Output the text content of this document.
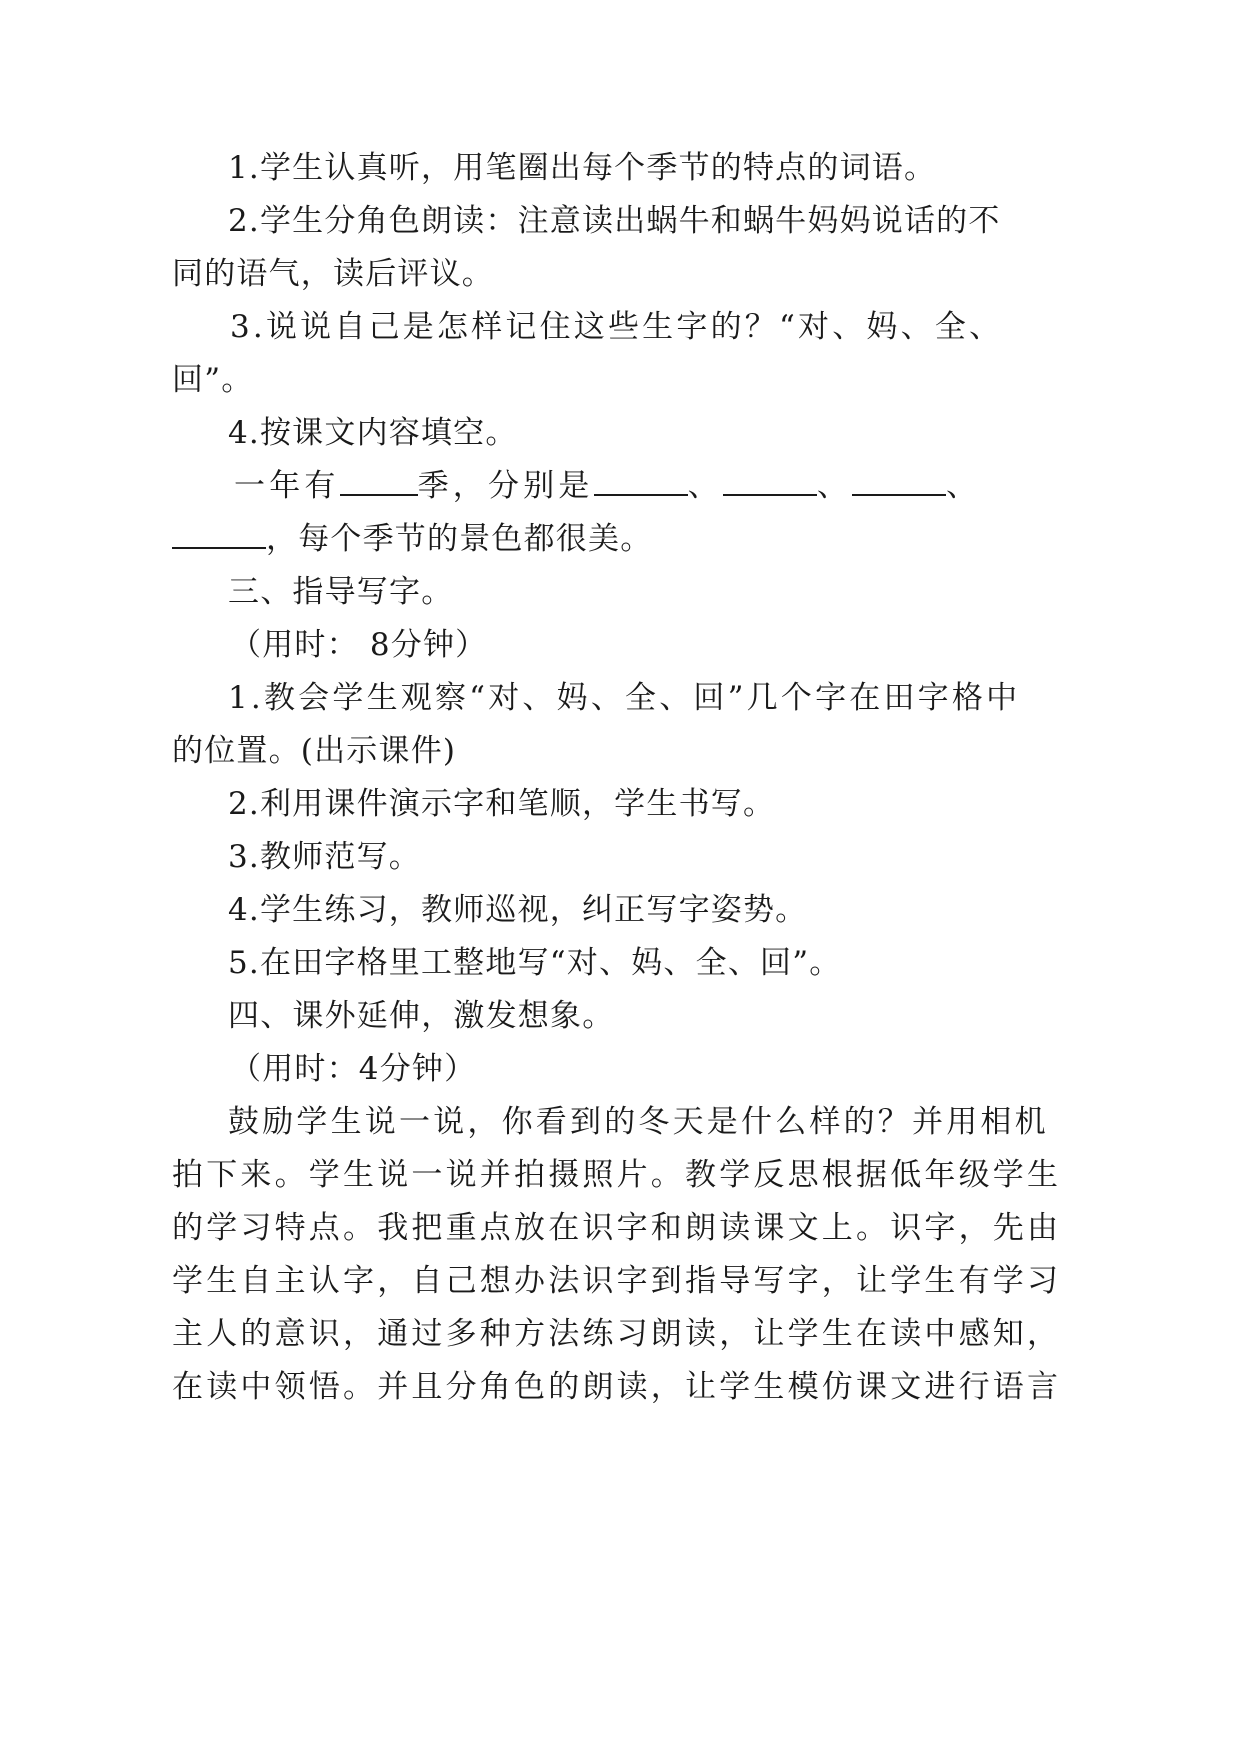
1.学生认真听，用笔圈出每个季节的特点的词语。
2.学生分角色朗读：注意读出蜗牛和蜗牛妈妈说话的不
同的语气，读后评议。
3.说说自己是怎样记住这些生字的？“对、妈、全、
回”。
4.按课文内容填空。
一年有	季，分别是	、	、	、
，每个季节的景色都很美。
三、指导写字。
（用时： 8分钟）
1.教会学生观察“对、妈、全、回”几个字在田字格中
的位置。(出示课件)
2.利用课件演示字和笔顺，学生书写。
3.教师范写。
4.学生练习，教师巡视，纠正写字姿势。
5.在田字格里工整地写“对、妈、全、回”。
四、课外延伸，激发想象。
（用时：4分钟）
鼓励学生说一说，你看到的冬天是什么样的？并用相机
拍下来。学生说一说并拍摄照片。教学反思根据低年级学生
的学习特点。我把重点放在识字和朗读课文上。识字，先由
学生自主认字，自己想办法识字到指导写字，让学生有学习
主人的意识，通过多种方法练习朗读，让学生在读中感知，
在读中领悟。并且分角色的朗读，让学生模仿课文进行语言
